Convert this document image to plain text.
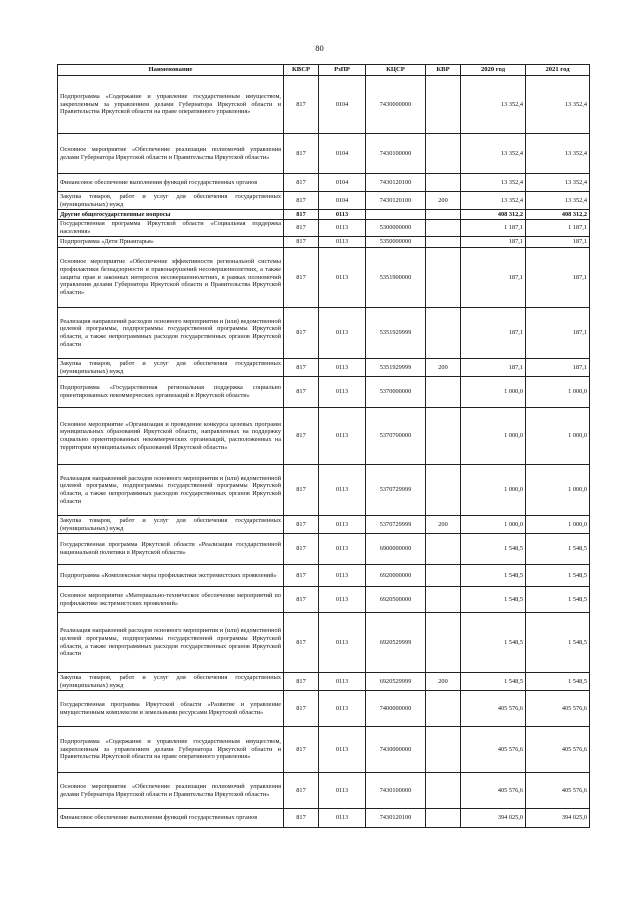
80
Наименование	КВСР	РзПР	КЦСР	КВР	2020 год	2021 год
Подпрограмма «Содержание и управление государственным имуществом, закрепленным за управлением делами Губернатора Иркутской области и Правительства Иркутской области на праве оперативного управления»	817	0104	7430000000		13 352,4	13 352,4
Основное мероприятие «Обеспечение реализации полномочий управления делами Губернатора Иркутской области и Правительства Иркутской области»	817	0104	7430100000		13 352,4	13 352,4
Финансовое обеспечение выполнения функций государственных органов	817	0104	7430120100		13 352,4	13 352,4
Закупка товаров, работ и услуг для обеспечения государственных (муниципальных) нужд	817	0104	7430120100	200	13 352,4	13 352,4
Другие общегосударственные вопросы	817	0113			408 312,2	408 312,2
Государственная программа Иркутской области «Социальная поддержка населения»	817	0113	5300000000		1 187,1	1 187,1
Подпрограмма «Дети Приангарья»	817	0113	5350000000		187,1	187,1
Основное мероприятие «Обеспечение эффективности региональной системы профилактики безнадзорности и правонарушений несовершеннолетних, а также защиты прав и законных интересов несовершеннолетних, в рамках полномочий управления делами Губернатора Иркутской области и Правительства Иркутской области»	817	0113	5351900000		187,1	187,1
Реализация направлений расходов основного мероприятия и (или) ведомственной целевой программы, подпрограммы государственной программы Иркутской области, а также непрограммных расходов государственных органов Иркутской области	817	0113	5351929999		187,1	187,1
Закупка товаров, работ и услуг для обеспечения государственных (муниципальных) нужд	817	0113	5351929999	200	187,1	187,1
Подпрограмма «Государственная региональная поддержка социально ориентированных некоммерческих организаций в Иркутской области»	817	0113	5370000000		1 000,0	1 000,0
Основное мероприятие «Организация и проведение конкурса целевых программ муниципальных образований Иркутской области, направленных на поддержку социально ориентированных некоммерческих организаций, расположенных на территории муниципальных образований Иркутской области»	817	0113	5370700000		1 000,0	1 000,0
Реализация направлений расходов основного мероприятия и (или) ведомственной целевой программы, подпрограммы государственной программы Иркутской области, а также непрограммных расходов государственных органов Иркутской области	817	0113	5370729999		1 000,0	1 000,0
Закупка товаров, работ и услуг для обеспечения государственных (муниципальных) нужд	817	0113	5370729999	200	1 000,0	1 000,0
Государственная программа Иркутской области «Реализация государственной национальной политики в Иркутской области»	817	0113	6900000000		1 548,5	1 548,5
Подпрограмма «Комплексные меры профилактики экстремистских проявлений»	817	0113	6920000000		1 548,5	1 548,5
Основное мероприятие «Материально-техническое обеспечение мероприятий по профилактике экстремистских проявлений»	817	0113	6920500000		1 548,5	1 548,5
Реализация направлений расходов основного мероприятия и (или) ведомственной целевой программы, подпрограммы государственной программы Иркутской области, а также непрограммных расходов государственных органов Иркутской области	817	0113	6920529999		1 548,5	1 548,5
Закупка товаров, работ и услуг для обеспечения государственных (муниципальных) нужд	817	0113	6920529999	200	1 548,5	1 548,5
Государственная программа Иркутской области «Развитие и управление имущественным комплексом и земельными ресурсами Иркутской области»	817	0113	7400000000		405 576,6	405 576,6
Подпрограмма «Содержание и управление государственным имуществом, закрепленным за управлением делами Губернатора Иркутской области и Правительства Иркутской области на праве оперативного управления»	817	0113	7430000000		405 576,6	405 576,6
Основное мероприятие «Обеспечение реализации полномочий управления делами Губернатора Иркутской области и Правительства Иркутской области»	817	0113	7430100000		405 576,6	405 576,6
Финансовое обеспечение выполнения функций государственных органов	817	0113	7430120100		394 025,0	394 025,0
